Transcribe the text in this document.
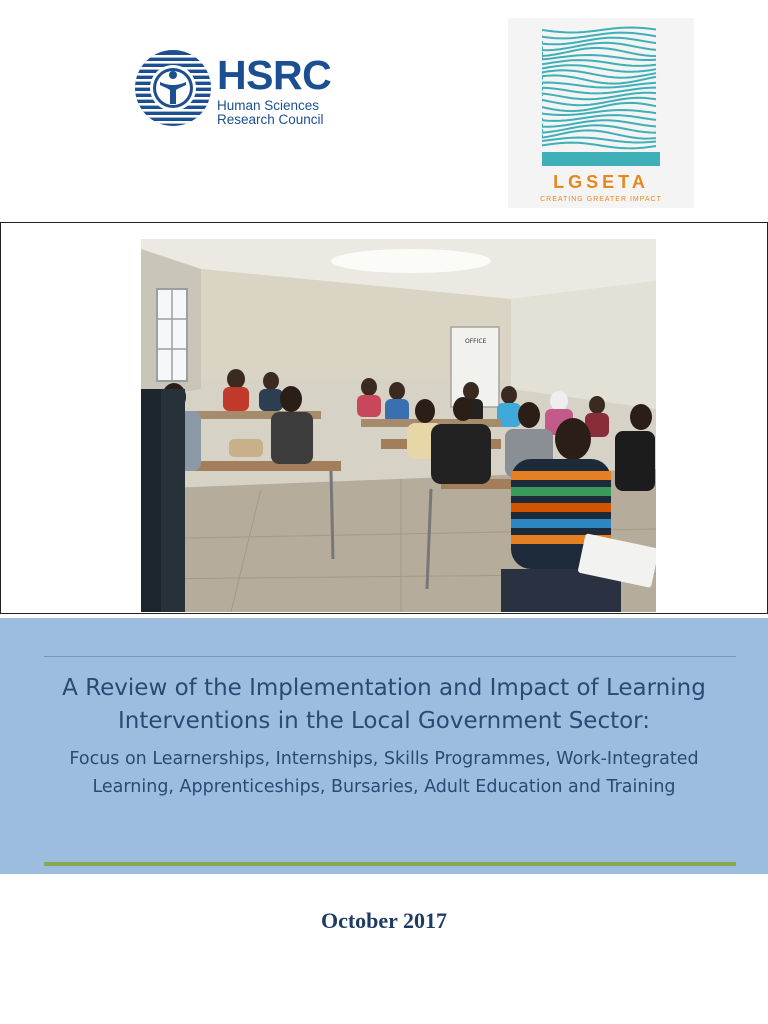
HSRC
Human Sciences
Research Council
LGSETA
CREATING GREATER IMPACT
OFFICE
A Review of the Implementation and Impact of Learning
Interventions in the Local Government Sector:
Focus on Learnerships, Internships, Skills Programmes, Work-Integrated
Learning, Apprenticeships, Bursaries, Adult Education and Training
October 2017
